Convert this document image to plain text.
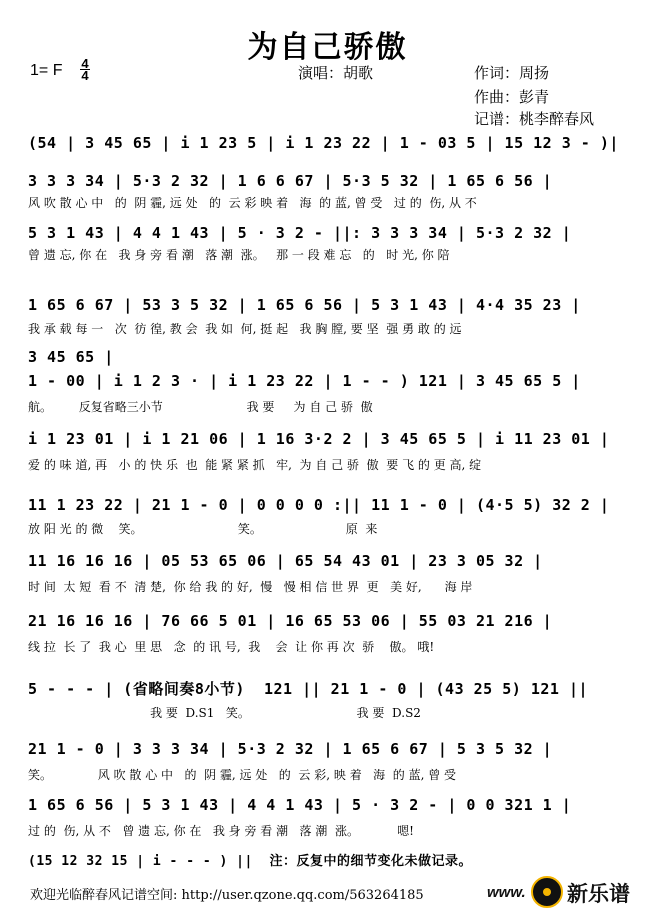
为自己骄傲
1= F 4
4	演唱：胡歌	作词：周扬
作曲：彭青
记谱：桃李醉春风
(54 | 3 45 65 | i 1 23 5 | i 1 23 22 | 1 - 03 5 | 15 12 3 - )|
3 3 3 34 | 5·3 2 32 | 1 6 6 67 | 5·3 5 32 | 1 65 6 56 |
风 吹 散 心 中   的  阴 霾, 远 处   的  云 彩 映 着   海  的 蓝, 曾 受   过 的  伤, 从 不
5 3 1 43 | 4 4 1 43 | 5 · 3 2 - ||: 3 3 3 34 | 5·3 2 32 |
曾 遗 忘, 你 在   我 身 旁 看 潮   落 潮  涨。   那 一 段 难 忘   的   时 光, 你 陪
1 65 6 67 | 53 3 5 32 | 1 65 6 56 | 5 3 1 43 | 4·4 35 23 |
我 承 载 每 一   次  彷 徨, 教 会  我 如  何, 挺 起   我 胸 膛, 要 坚  强 勇 敢 的 远
3 45 65 |
1 - 00 | i 1 2 3 · | i 1 23 22 | 1 - - ) 121 | 3 45 65 5 |
航。       反复省略三小节                      我 要     为 自 己 骄  傲
i 1 23 01 | i 1 21 06 | 1 16 3·2 2 | 3 45 65 5 | i 11 23 01 |
爱 的 味 道, 再   小 的 快 乐  也  能 紧 紧 抓   牢,  为 自 己 骄  傲  要 飞 的 更 高, 绽
11 1 23 22 | 21 1 - 0 | 0 0 0 0 :|| 11 1 - 0 | (4·5 5) 32 2 |
放 阳 光 的 微    笑。                         笑。                      原  来
11 16 16 16 | 05 53 65 06 | 65 54 43 01 | 23 3 05 32 |
时 间  太 短  看 不  清 楚,  你 给 我 的 好,  慢   慢 相 信 世 界  更   美 好,      海 岸
21 16 16 16 | 76 66 5 01 | 16 65 53 06 | 55 03 21 216 |
线 拉  长 了  我 心  里 思   念  的 讯 号,  我    会  让 你 再 次  骄    傲。 哦!
5 - - - | (省略间奏8小节)  121 || 21 1 - 0 | (43 25 5) 121 ||
我 要  D.S1   笑。                            我 要  D.S2
21 1 - 0 | 3 3 3 34 | 5·3 2 32 | 1 65 6 67 | 5 3 5 32 |
笑。            风 吹 散 心 中   的  阴 霾, 远 处   的  云 彩, 映 着   海  的 蓝, 曾 受
1 65 6 56 | 5 3 1 43 | 4 4 1 43 | 5 · 3 2 - | 0 0 321 1 |
过 的  伤, 从 不   曾 遗 忘, 你 在   我 身 旁 看 潮   落 潮  涨。          嗯!
(15 12 32 15 | i - - - ) ||  注：反复中的细节变化未做记录。
欢迎光临醉春风记谱空间: http://user.qzone.qq.com/563264185	www. 新乐谱
